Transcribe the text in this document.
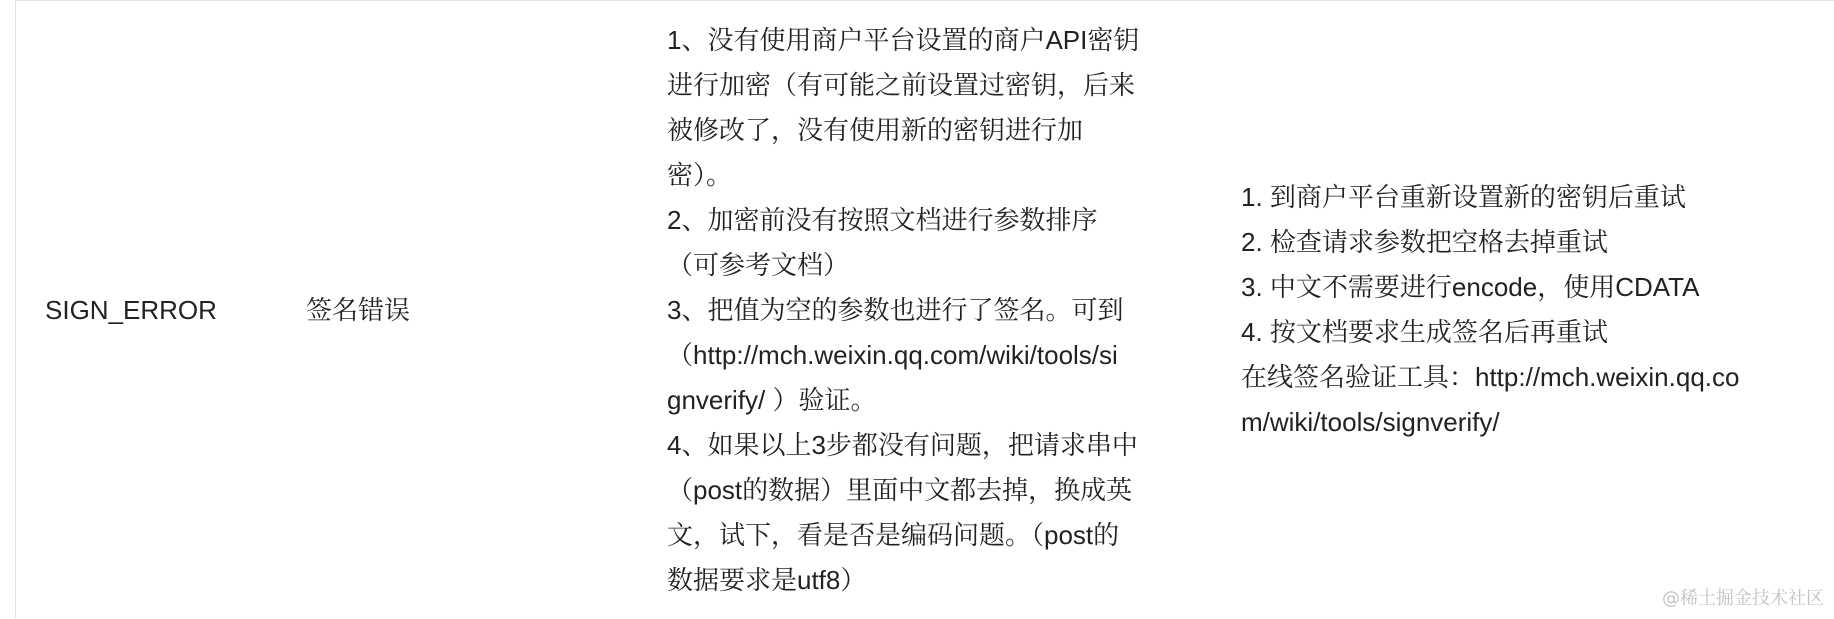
SIGN_ERROR	签名错误
1、没有使用商户平台设置的商户API密钥
进行加密（有可能之前设置过密钥，后来
被修改了，没有使用新的密钥进行加
密）。
2、加密前没有按照文档进行参数排序
（可参考文档）
3、把值为空的参数也进行了签名。可到
（http://mch.weixin.qq.com/wiki/tools/si
gnverify/ ）验证。
4、如果以上3步都没有问题，把请求串中
（post的数据）里面中文都去掉，换成英
文，试下，看是否是编码问题。（post的
数据要求是utf8）
1. 到商户平台重新设置新的密钥后重试
2. 检查请求参数把空格去掉重试
3. 中文不需要进行encode，使用CDATA
4. 按文档要求生成签名后再重试
在线签名验证工具：http://mch.weixin.qq.co
m/wiki/tools/signverify/
@稀土掘金技术社区
